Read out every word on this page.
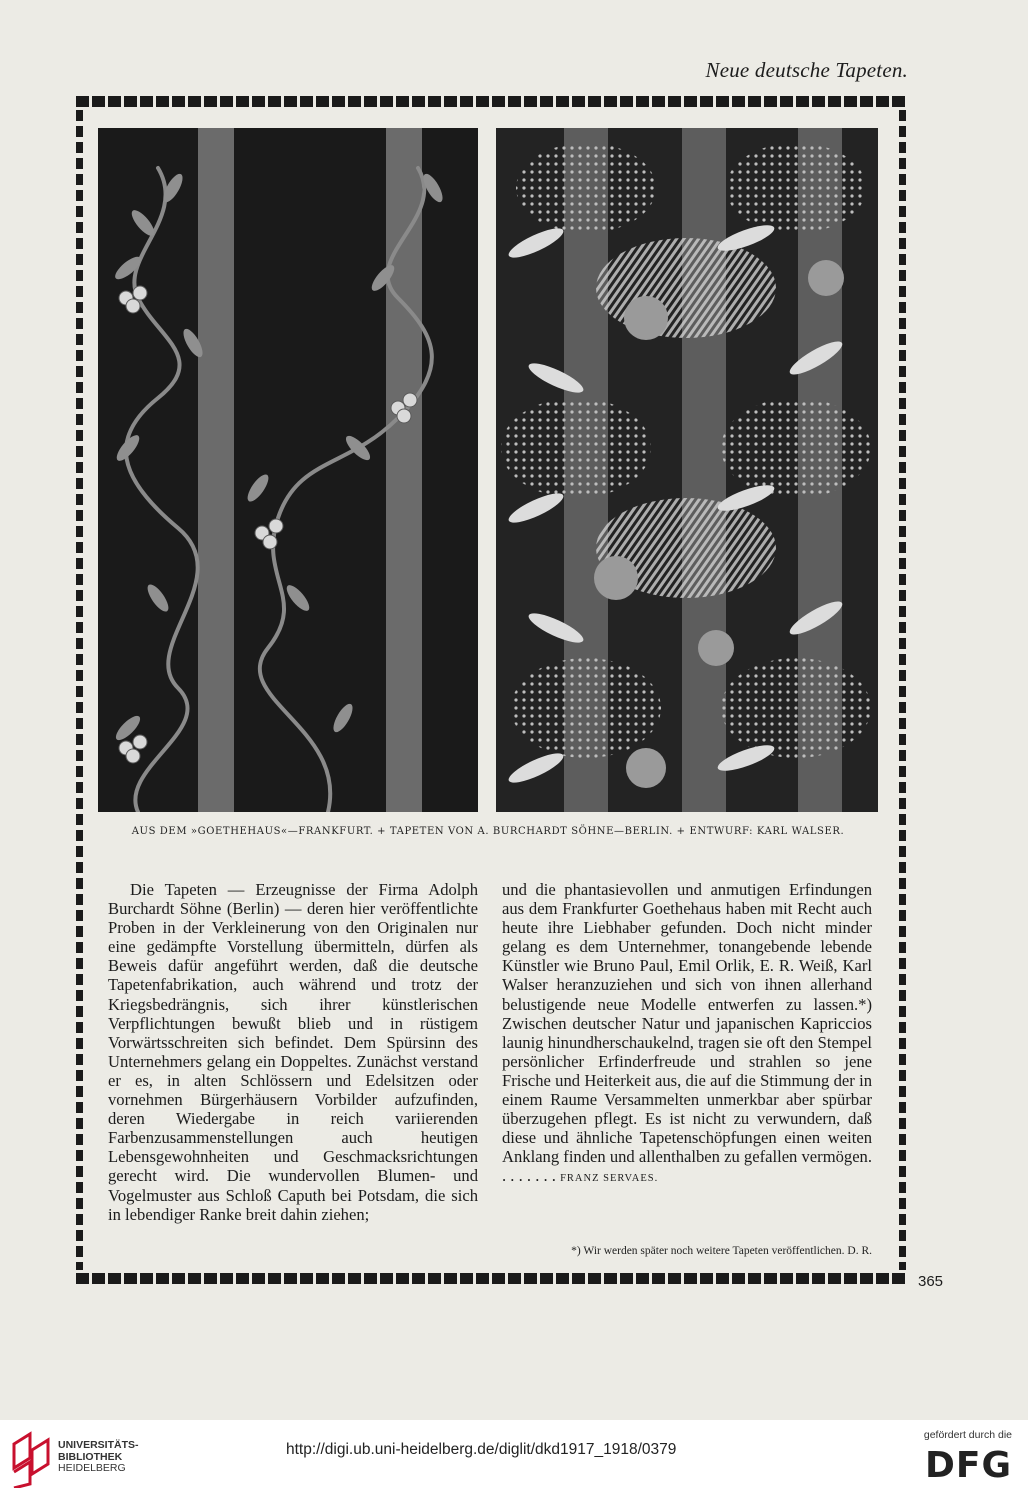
Neue deutsche Tapeten.
AUS DEM »GOETHEHAUS«—FRANKFURT. + TAPETEN VON A. BURCHARDT SÖHNE—BERLIN. + ENTWURF: KARL WALSER.
Die Tapeten — Erzeugnisse der Firma Adolph Burchardt Söhne (Berlin) — deren hier veröffentlichte Proben in der Verkleinerung von den Originalen nur eine gedämpfte Vorstellung übermitteln, dürfen als Beweis dafür angeführt werden, daß die deutsche Tapetenfabrikation, auch während und trotz der Kriegsbedrängnis, sich ihrer künstlerischen Verpflichtungen bewußt blieb und in rüstigem Vorwärtsschreiten sich befindet. Dem Spürsinn des Unternehmers gelang ein Doppeltes. Zunächst verstand er es, in alten Schlössern und Edelsitzen oder vornehmen Bürgerhäusern Vorbilder aufzufinden, deren Wiedergabe in reich variierenden Farbenzusammenstellungen auch heutigen Lebensgewohnheiten und Geschmacksrichtungen gerecht wird. Die wundervollen Blumen- und Vogelmuster aus Schloß Caputh bei Potsdam, die sich in lebendiger Ranke breit dahin ziehen;
und die phantasievollen und anmutigen Erfindungen aus dem Frankfurter Goethehaus haben mit Recht auch heute ihre Liebhaber gefunden. Doch nicht minder gelang es dem Unternehmer, tonangebende lebende Künstler wie Bruno Paul, Emil Orlik, E. R. Weiß, Karl Walser heranzuziehen und sich von ihnen allerhand belustigende neue Modelle entwerfen zu lassen.*) Zwischen deutscher Natur und japanischen Kapriccios launig hinundherschaukelnd, tragen sie oft den Stempel persönlicher Erfinderfreude und strahlen so jene Frische und Heiterkeit aus, die auf die Stimmung der in einem Raume Versammelten unmerkbar aber spürbar überzugehen pflegt. Es ist nicht zu verwundern, daß diese und ähnliche Tapetenschöpfungen einen weiten Anklang finden und allenthalben zu gefallen vermögen. . . . . . . . FRANZ SERVAES.
*) Wir werden später noch weitere Tapeten veröffentlichen. D. R.
365
UNIVERSITÄTS-
BIBLIOTHEK
HEIDELBERG
http://digi.ub.uni-heidelberg.de/diglit/dkd1917_1918/0379
gefördert durch die
DFG
